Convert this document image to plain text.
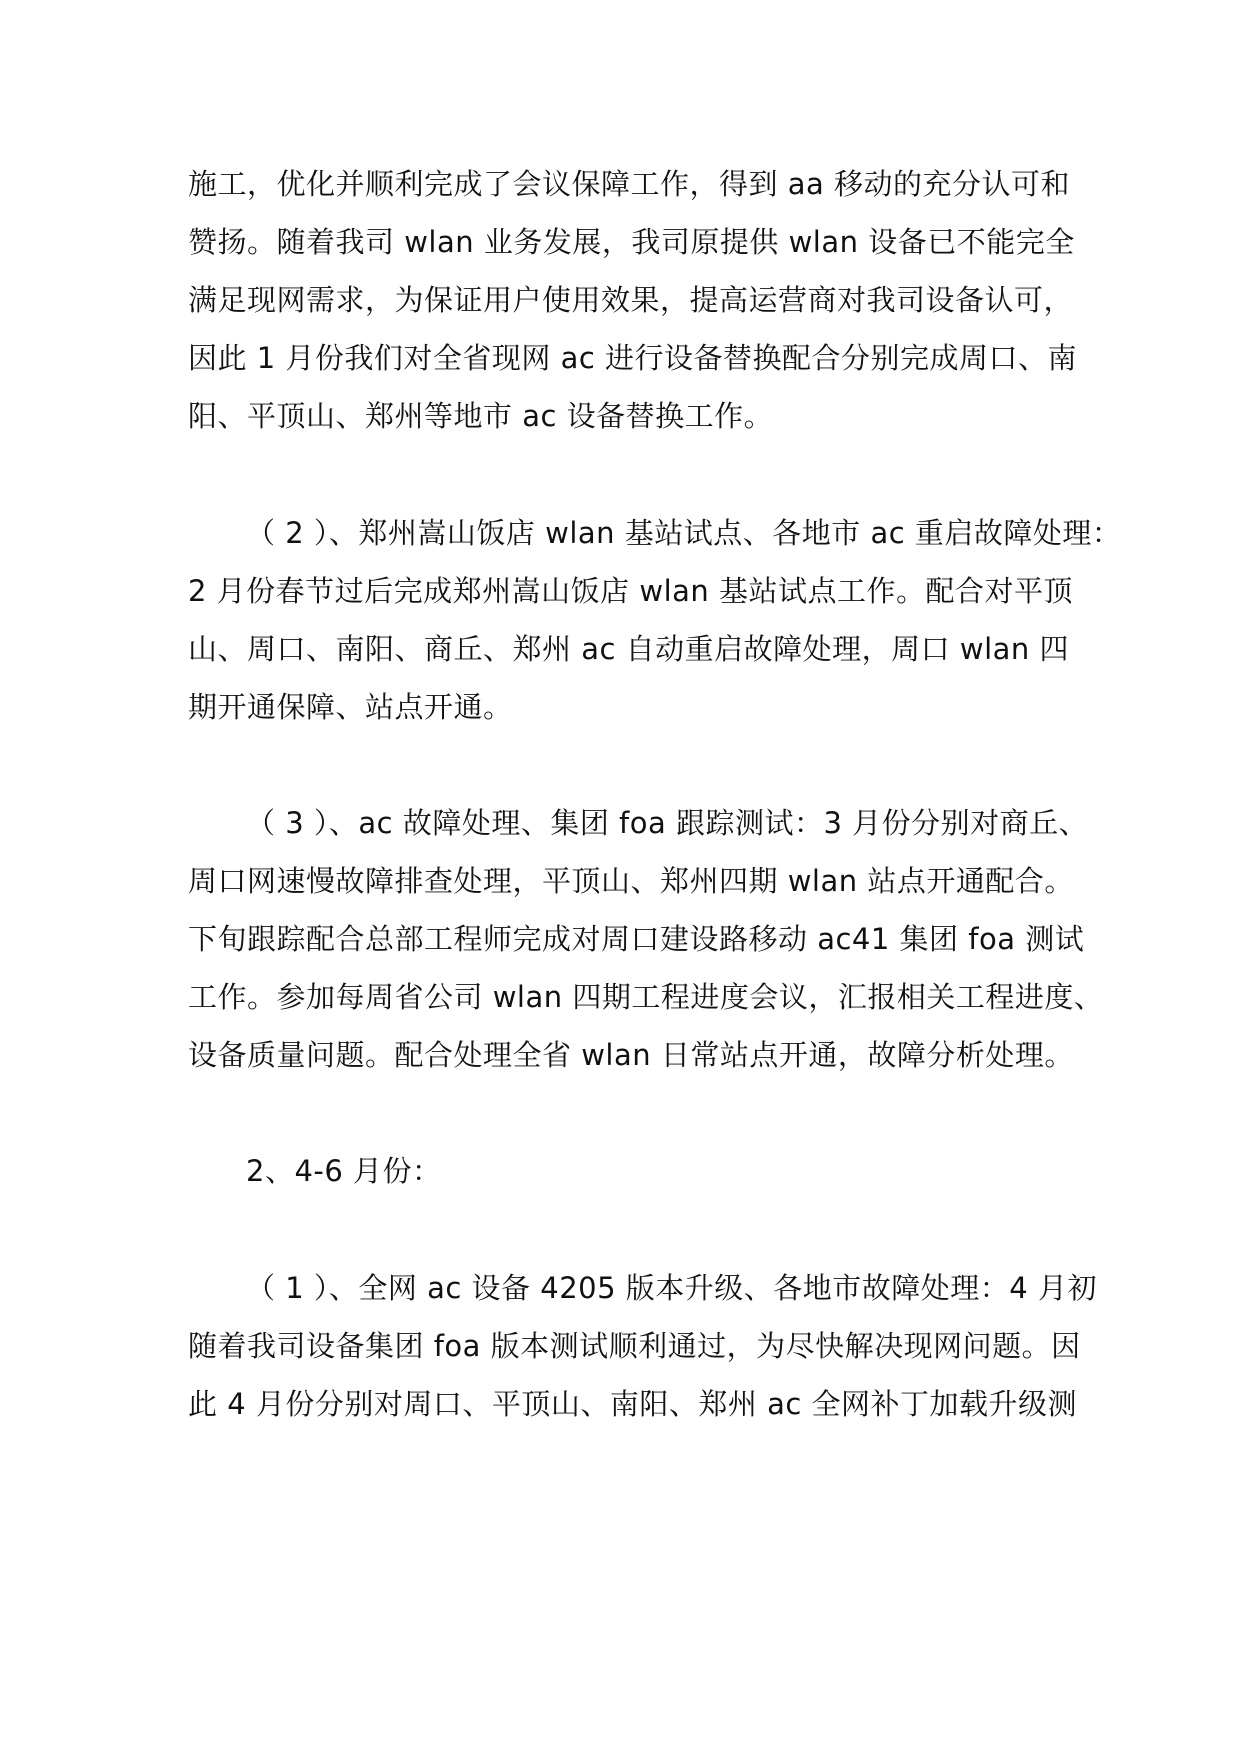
施工，优化并顺利完成了会议保障工作，得到 aa 移动的充分认可和
赞扬。随着我司 wlan 业务发展，我司原提供 wlan 设备已不能完全
满足现网需求，为保证用户使用效果，提高运营商对我司设备认可，
因此 1 月份我们对全省现网 ac 进行设备替换配合分别完成周口、南
阳、平顶山、郑州等地市 ac 设备替换工作。
（ 2 ）、郑州嵩山饭店 wlan 基站试点、各地市 ac 重启故障处理：
2 月份春节过后完成郑州嵩山饭店 wlan 基站试点工作。配合对平顶
山、周口、南阳、商丘、郑州 ac 自动重启故障处理，周口 wlan 四
期开通保障、站点开通。
（ 3 ）、ac 故障处理、集团 foa 跟踪测试：3 月份分别对商丘、
周口网速慢故障排查处理，平顶山、郑州四期 wlan 站点开通配合。
下旬跟踪配合总部工程师完成对周口建设路移动 ac41 集团 foa 测试
工作。参加每周省公司 wlan 四期工程进度会议，汇报相关工程进度、
设备质量问题。配合处理全省 wlan 日常站点开通，故障分析处理。
2、4-6 月份：
（ 1 ）、全网 ac 设备 4205 版本升级、各地市故障处理：4 月初
随着我司设备集团 foa 版本测试顺利通过，为尽快解决现网问题。因
此 4 月份分别对周口、平顶山、南阳、郑州 ac 全网补丁加载升级测
